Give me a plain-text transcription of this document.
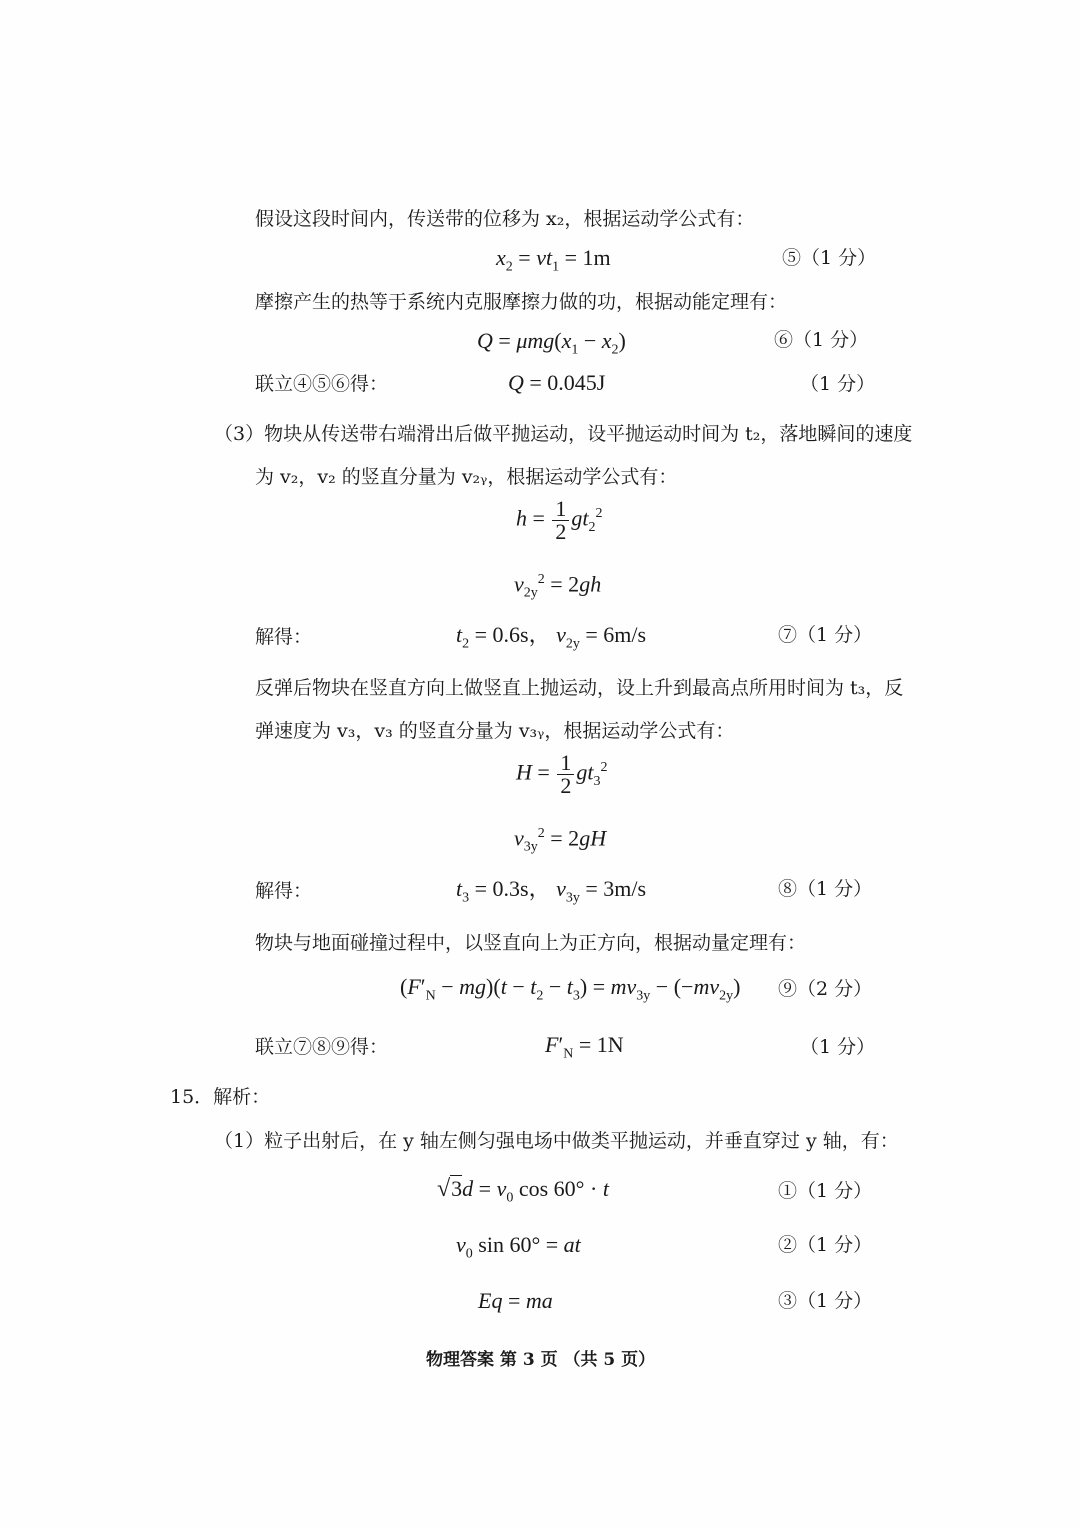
假设这段时间内，传送带的位移为 x₂，根据运动学公式有：
$x_2 = vt_1 = 1m$	⑤（1 分）
摩擦产生的热等于系统内克服摩擦力做的功，根据动能定理有：
$Q = \mu mg(x_1 - x_2)$	⑥（1 分）
联立④⑤⑥得：	Q = 0.045J	（1 分）
（3）物块从传送带右端滑出后做平抛运动，设平抛运动时间为 t₂，落地瞬间的速度
为 v₂，v₂ 的竖直分量为 v₂ᵧ，根据运动学公式有：
$h = \frac{1}{2} gt_2^2$
$v_{2y}^2 = 2gh$
解得：	$t_2 = 0.6s$， $v_{2y} = 6m/s$	⑦（1 分）
反弹后物块在竖直方向上做竖直上抛运动，设上升到最高点所用时间为 t₃，反
弹速度为 v₃，v₃ 的竖直分量为 v₃ᵧ，根据运动学公式有：
$H = \frac{1}{2} gt_3^2$
$v_{3y}^2 = 2gH$
解得：	$t_3 = 0.3s$， $v_{3y} = 3m/s$	⑧（1 分）
物块与地面碰撞过程中，以竖直向上为正方向，根据动量定理有：
$(F'_N - mg)(t - t_2 - t_3) = mv_{3y} - (-mv_{2y})$ ⑨（2 分）
联立⑦⑧⑨得：	$F'_N = 1N$	（1 分）
15．解析：
（1）粒子出射后，在 y 轴左侧匀强电场中做类平抛运动，并垂直穿过 y 轴，有：
$√3d = v_0$ cos 60° · t	①（1 分）
$v_0$ sin 60° = at	②（1 分）
Eq = ma	③（1 分）
物理答案 第 3 页 （共 5 页）
